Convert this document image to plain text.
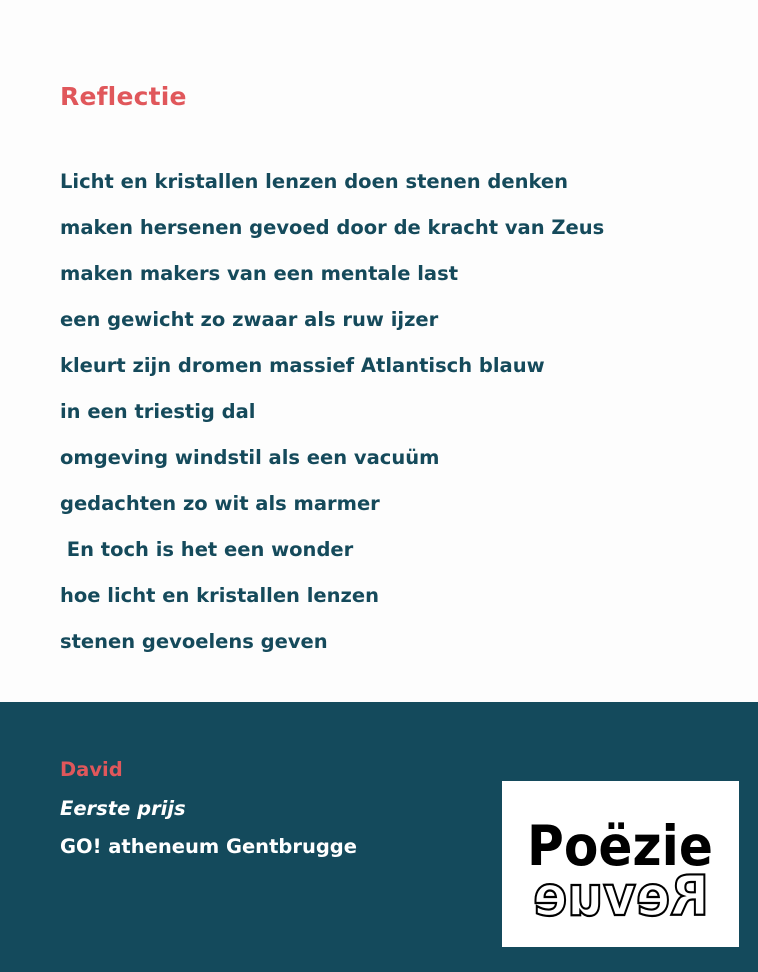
Reflectie
Licht en kristallen lenzen doen stenen denken
maken hersenen gevoed door de kracht van Zeus
maken makers van een mentale last
een gewicht zo zwaar als ruw ijzer
kleurt zijn dromen massief Atlantisch blauw
in een triestig dal
omgeving windstil als een vacuüm
gedachten zo wit als marmer
En toch is het een wonder
hoe licht en kristallen lenzen
stenen gevoelens geven

David

Eerste prijs

GO! atheneum Gentbrugge	Poëzie
Revue
